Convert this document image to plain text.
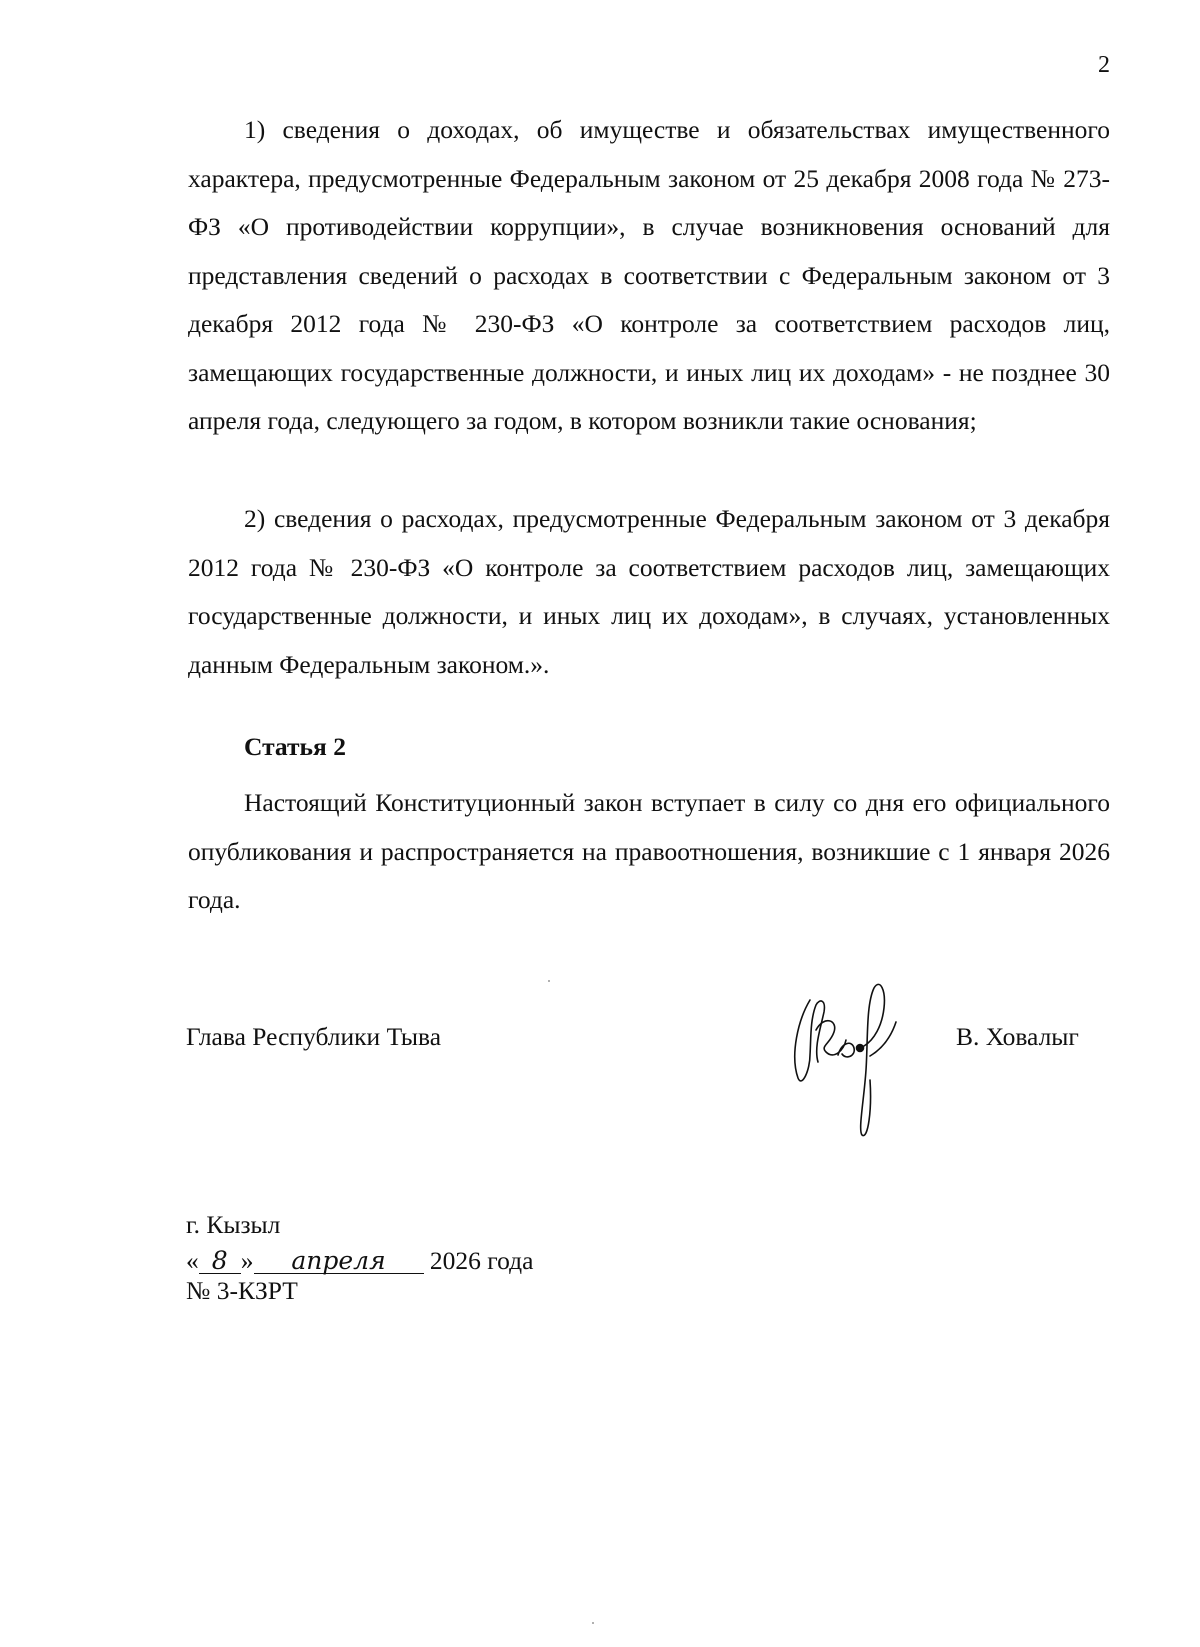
2

1) сведения о доходах, об имуществе и обязательствах имущественного характера, предусмотренные Федеральным законом от 25 декабря 2008 года № 273-ФЗ «О противодействии коррупции», в случае возникновения оснований для представления сведений о расходах в соответствии с Федеральным законом от 3 декабря 2012 года № 230-ФЗ «О контроле за соответствием расходов лиц, замещающих государственные должности, и иных лиц их доходам» - не позднее 30 апреля года, следующего за годом, в котором возникли такие основания;

2) сведения о расходах, предусмотренные Федеральным законом от 3 декабря 2012 года № 230-ФЗ «О контроле за соответствием расходов лиц, замещающих государственные должности, и иных лиц их доходам», в случаях, установленных данным Федеральным законом.».

Статья 2

Настоящий Конституционный закон вступает в силу со дня его официального опубликования и распространяется на правоотношения, возникшие с 1 января 2026 года.

Глава Республики Тыва	В. Ховалыг
г. Кызыл
« 8 » апреля 2026 года
№ 3-КЗРТ
